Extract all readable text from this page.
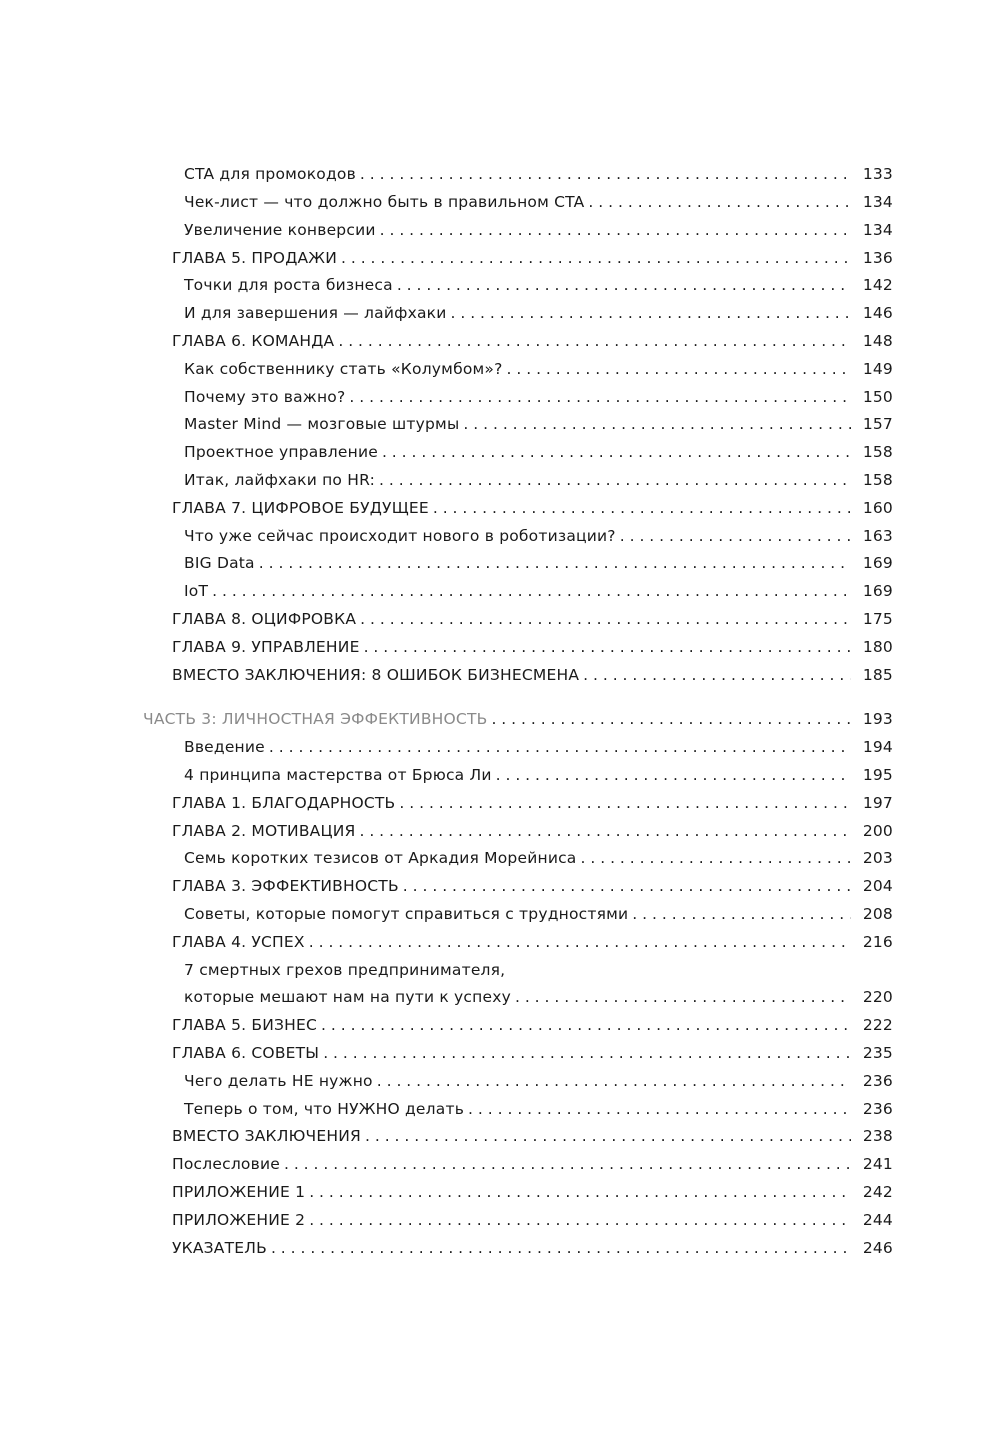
CTA для промокодов . . .	133
Чек-лист — что должно быть в правильном CTA . . .	134
Увеличение конверсии . . .	134
ГЛАВА 5. ПРОДАЖИ . . .	136
Точки для роста бизнеса . . .	142
И для завершения — лайфхаки . . .	146
ГЛАВА 6. КОМАНДА . . .	148
Как собственнику стать «Колумбом»? . . .	149
Почему это важно? . . .	150
Master Mind — мозговые штурмы . . .	157
Проектное управление . . .	158
Итак, лайфхаки по HR: . . .	158
ГЛАВА 7. ЦИФРОВОЕ БУДУЩЕЕ . . .	160
Что уже сейчас происходит нового в роботизации? . . .	163
BIG Data . . .	169
IoT . . .	169
ГЛАВА 8. ОЦИФРОВКА . . .	175
ГЛАВА 9. УПРАВЛЕНИЕ . . .	180
ВМЕСТО ЗАКЛЮЧЕНИЯ: 8 ОШИБОК БИЗНЕСМЕНА . . .	185
ЧАСТЬ 3: ЛИЧНОСТНАЯ ЭФФЕКТИВНОСТЬ . . .	193
Введение . . .	194
4 принципа мастерства от Брюса Ли . . .	195
ГЛАВА 1. БЛАГОДАРНОСТЬ . . .	197
ГЛАВА 2. МОТИВАЦИЯ . . .	200
Семь коротких тезисов от Аркадия Морейниса . . .	203
ГЛАВА 3. ЭФФЕКТИВНОСТЬ . . .	204
Советы, которые помогут справиться с трудностями . . .	208
ГЛАВА 4. УСПЕХ . . .	216
7 смертных грехов предпринимателя,
которые мешают нам на пути к успеху . . .	220
ГЛАВА 5. БИЗНЕС . . .	222
ГЛАВА 6. СОВЕТЫ . . .	235
Чего делать НЕ нужно . . .	236
Теперь о том, что НУЖНО делать . . .	236
ВМЕСТО ЗАКЛЮЧЕНИЯ . . .	238
Послесловие . . .	241
ПРИЛОЖЕНИЕ 1 . . .	242
ПРИЛОЖЕНИЕ 2 . . .	244
УКАЗАТЕЛЬ . . .	246
